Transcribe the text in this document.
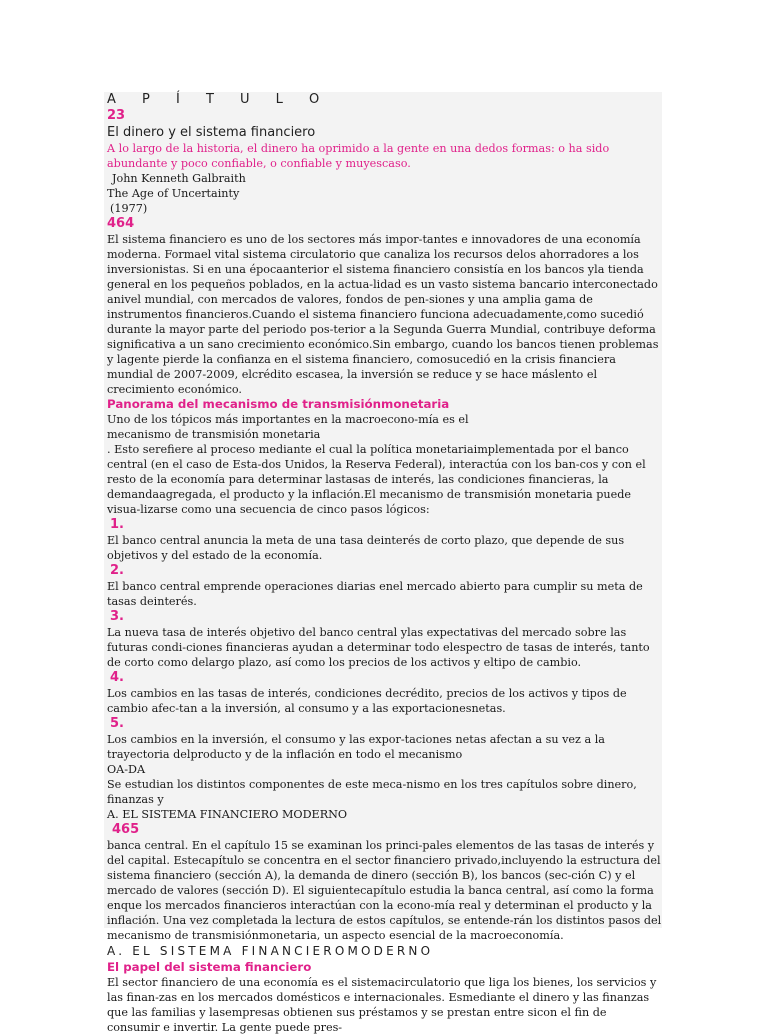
A P Í T U L O
23
El dinero y el sistema financiero

A lo largo de la historia, el dinero ha oprimido a la gente en una dedos formas: o ha sido abundante y poco confiable, o confiable y muyescaso.

John Kenneth Galbraith

The Age of Uncertainty

(1977)

464

El sistema financiero es uno de los sectores más impor-tantes e innovadores de una economía moderna. Formael vital sistema circulatorio que canaliza los recursos delos ahorradores a los inversionistas. Si en una épocaanterior el sistema financiero consistía en los bancos yla tienda general en los pequeños poblados, en la actua-lidad es un vasto sistema bancario interconectado anivel mundial, con mercados de valores, fondos de pen-siones y una amplia gama de instrumentos financieros.Cuando el sistema financiero funciona adecuadamente,como sucedió durante la mayor parte del periodo pos-terior a la Segunda Guerra Mundial, contribuye deforma significativa a un sano crecimiento económico.Sin embargo, cuando los bancos tienen problemas y lagente pierde la confianza en el sistema financiero, comosucedió en la crisis financiera mundial de 2007-2009, elcrédito escasea, la inversión se reduce y se hace máslento el crecimiento económico.

Panorama del mecanismo de transmisiónmonetaria

Uno de los tópicos más importantes en la macroecono-mía es el

mecanismo de transmisión monetaria

. Esto serefiere al proceso mediante el cual la política monetariaimplementada por el banco central (en el caso de Esta-dos Unidos, la Reserva Federal), interactúa con los ban-cos y con el resto de la economía para determinar lastasas de interés, las condiciones financieras, la demandaagregada, el producto y la inflación.El mecanismo de transmisión monetaria puede visua-lizarse como una secuencia de cinco pasos lógicos:

1.

El banco central anuncia la meta de una tasa deinterés de corto plazo, que depende de sus objetivos y del estado de la economía.

2.

El banco central emprende operaciones diarias enel mercado abierto para cumplir su meta de tasas deinterés.

3.

La nueva tasa de interés objetivo del banco central ylas expectativas del mercado sobre las futuras condi-ciones financieras ayudan a determinar todo elespectro de tasas de interés, tanto de corto como delargo plazo, así como los precios de los activos y eltipo de cambio.

4.

Los cambios en las tasas de interés, condiciones decrédito, precios de los activos y tipos de cambio afec-tan a la inversión, al consumo y a las exportacionesnetas.

5.

Los cambios en la inversión, el consumo y las expor-taciones netas afectan a su vez a la trayectoria delproducto y de la inflación en todo el mecanismo

OA-DA

Se estudian los distintos componentes de este meca-nismo en los tres capítulos sobre dinero, finanzas y

A. EL SISTEMA FINANCIERO MODERNO

465

banca central. En el capítulo 15 se examinan los princi-pales elementos de las tasas de interés y del capital. Estecapítulo se concentra en el sector financiero privado,incluyendo la estructura del sistema financiero (sección A), la demanda de dinero (sección B), los bancos (sec-ción C) y el mercado de valores (sección D). El siguientecapítulo estudia la banca central, así como la forma enque los mercados financieros interactúan con la econo-mía real y determinan el producto y la inflación. Una vez completada la lectura de estos capítulos, se entende-rán los distintos pasos del mecanismo de transmisiónmonetaria, un aspecto esencial de la macroeconomía.

A. EL SISTEMA FINANCIEROMODERNO
El papel del sistema financiero

El sector financiero de una economía es el sistemacirculatorio que liga los bienes, los servicios y las finan-zas en los mercados domésticos e internacionales. Esmediante el dinero y las finanzas que las familias y lasempresas obtienen sus préstamos y se prestan entre sicon el fin de consumir e invertir. La gente puede pres-
